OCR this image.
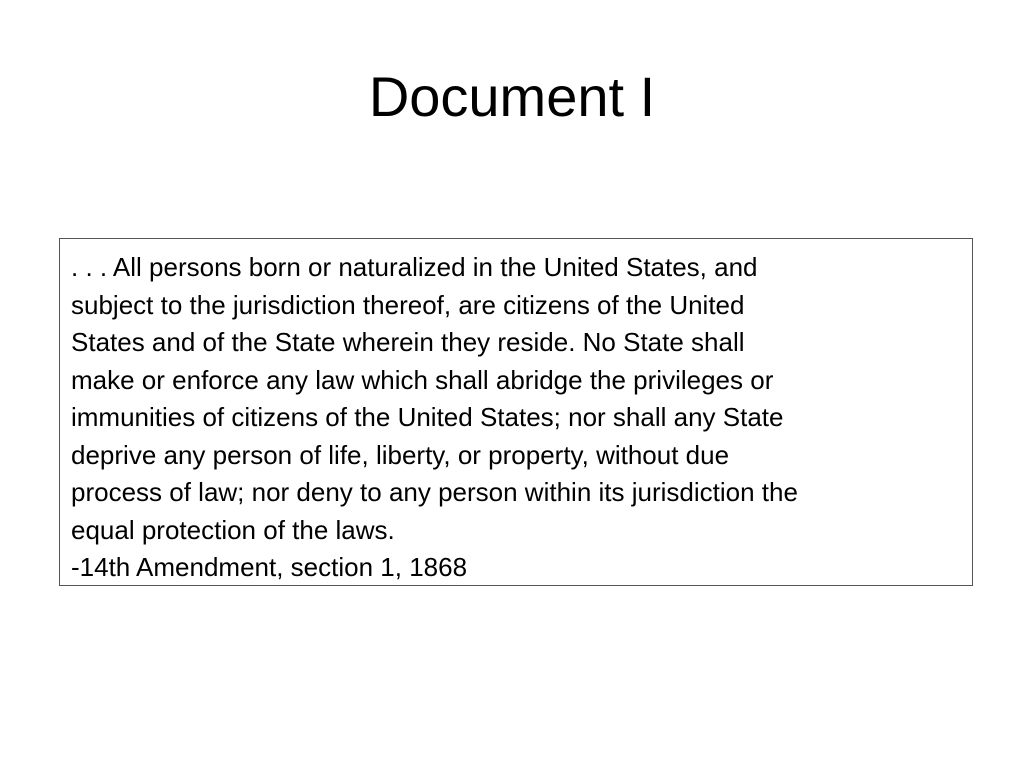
Document I

. . . All persons born or naturalized in the United States, and
subject to the jurisdiction thereof, are citizens of the United
States and of the State wherein they reside. No State shall
make or enforce any law which shall abridge the privileges or
immunities of citizens of the United States; nor shall any State
deprive any person of life, liberty, or property, without due
process of law; nor deny to any person within its jurisdiction the
equal protection of the laws.
-14th Amendment, section 1, 1868
